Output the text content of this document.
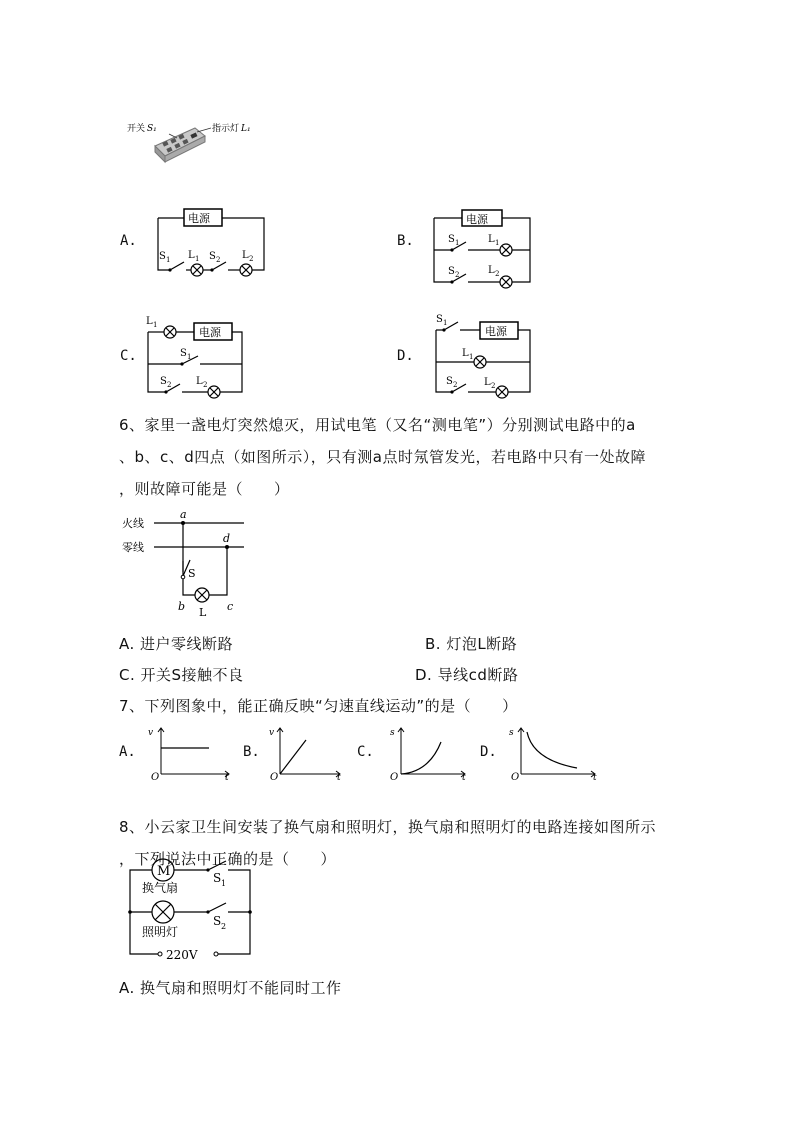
开关 S₁	指示灯 L₁
A.
电源
S 1 L 1 S 2 L 2
B.
电源
S 1	L 1
S 2	L 2
C.
电源
L 1
S 1
S 2 L 2
D.
电源
S 1
L 1
S 2	L 2
6、家里一盏电灯突然熄灭，用试电笔（又名“测电笔”）分别测试电路中的a
、b、c、d四点（如图所示），只有测a点时氖管发光，若电路中只有一处故障
，则故障可能是（　　）
火线
零线
a
d
S
b	c
L
A. 进户零线断路	B. 灯泡L断路
C. 开关S接触不良	D. 导线cd断路
7、下列图象中，能正确反映“匀速直线运动”的是（　　）
A.
v
t
O
B.
v
t
O
C.
s
t
O
D.
s
t
O
8、小云家卫生间安装了换气扇和照明灯，换气扇和照明灯的电路连接如图所示
，下列说法中正确的是（　　）
M
换气扇
照明灯
S 1
S 2
220V
A. 换气扇和照明灯不能同时工作
